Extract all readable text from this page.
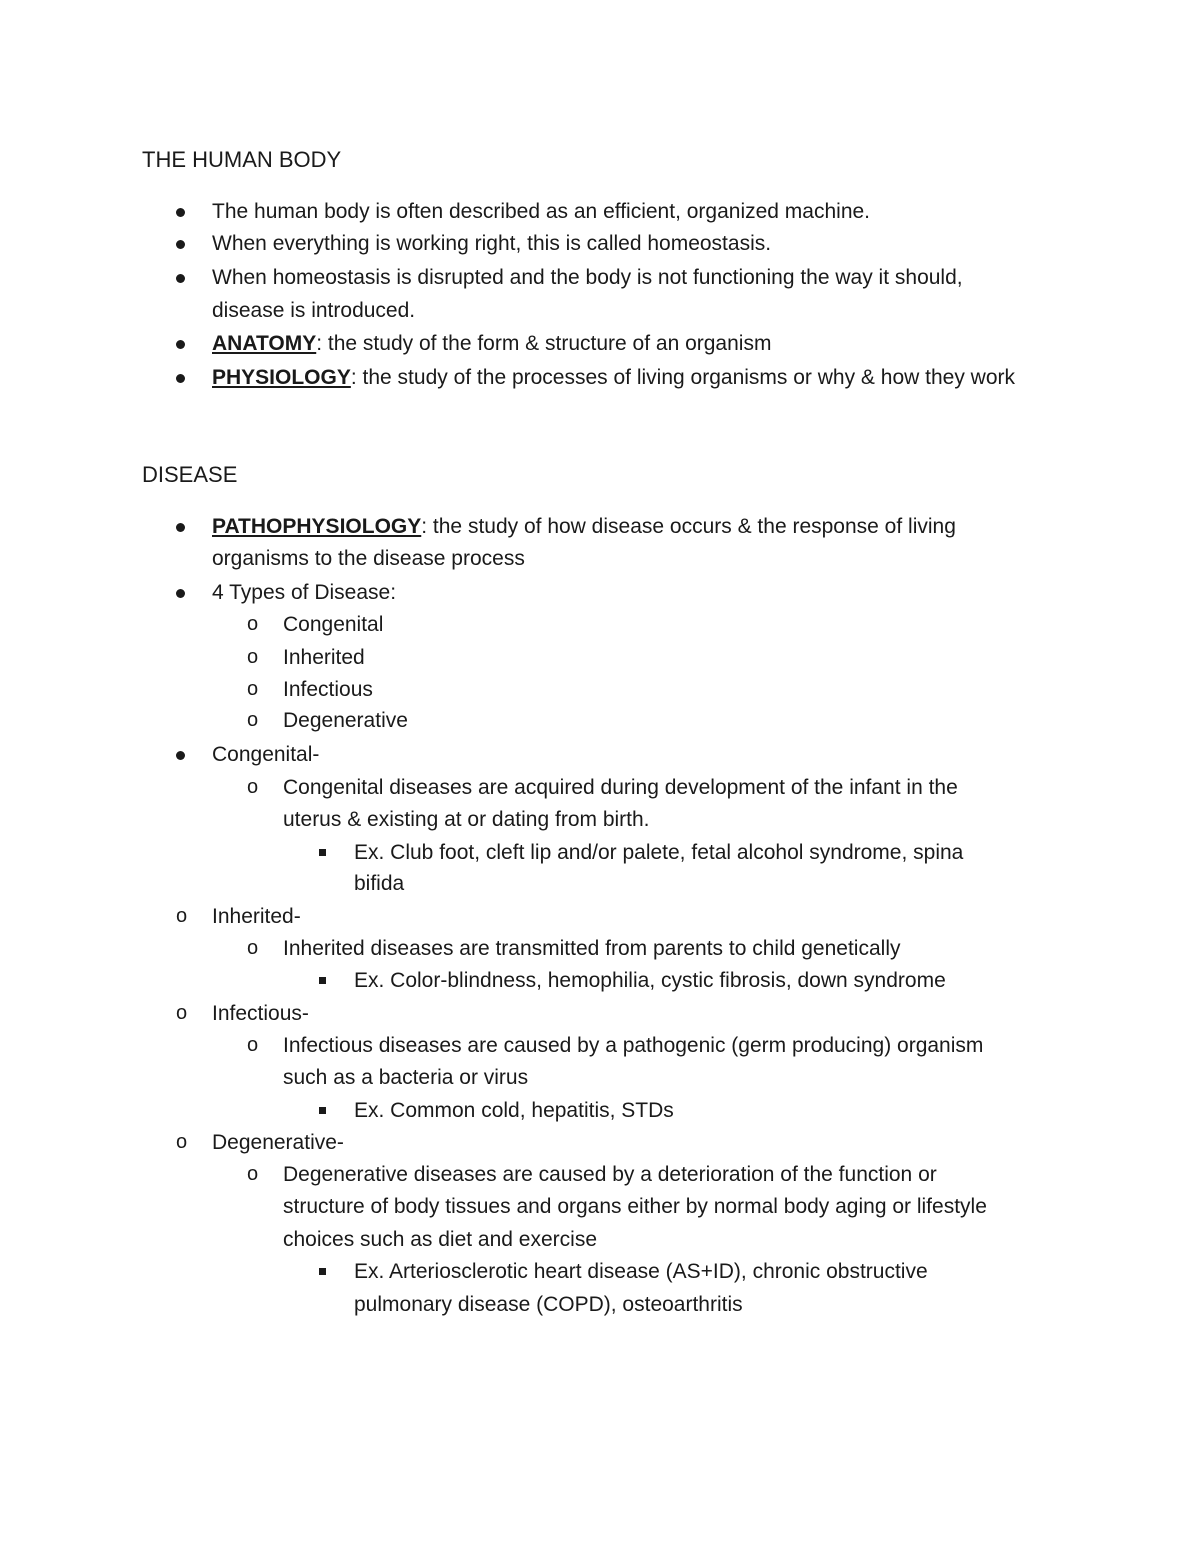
THE HUMAN BODY
The human body is often described as an efficient, organized machine.
When everything is working right, this is called homeostasis.
When homeostasis is disrupted and the body is not functioning the way it should,
disease is introduced.
ANATOMY: the study of the form & structure of an organism
PHYSIOLOGY: the study of the processes of living organisms or why & how they work
DISEASE
PATHOPHYSIOLOGY: the study of how disease occurs & the response of living
organisms to the disease process
4 Types of Disease:
o Congenital
o Inherited
o Infectious
o Degenerative
Congenital-
o Congenital diseases are acquired during development of the infant in the
uterus & existing at or dating from birth.
Ex. Club foot, cleft lip and/or palete, fetal alcohol syndrome, spina
bifida
o Inherited-
o Inherited diseases are transmitted from parents to child genetically
Ex. Color-blindness, hemophilia, cystic fibrosis, down syndrome
o Infectious-
o Infectious diseases are caused by a pathogenic (germ producing) organism
such as a bacteria or virus
Ex. Common cold, hepatitis, STDs
o Degenerative-
o Degenerative diseases are caused by a deterioration of the function or
structure of body tissues and organs either by normal body aging or lifestyle
choices such as diet and exercise
Ex. Arteriosclerotic heart disease (AS+ID), chronic obstructive
pulmonary disease (COPD), osteoarthritis
